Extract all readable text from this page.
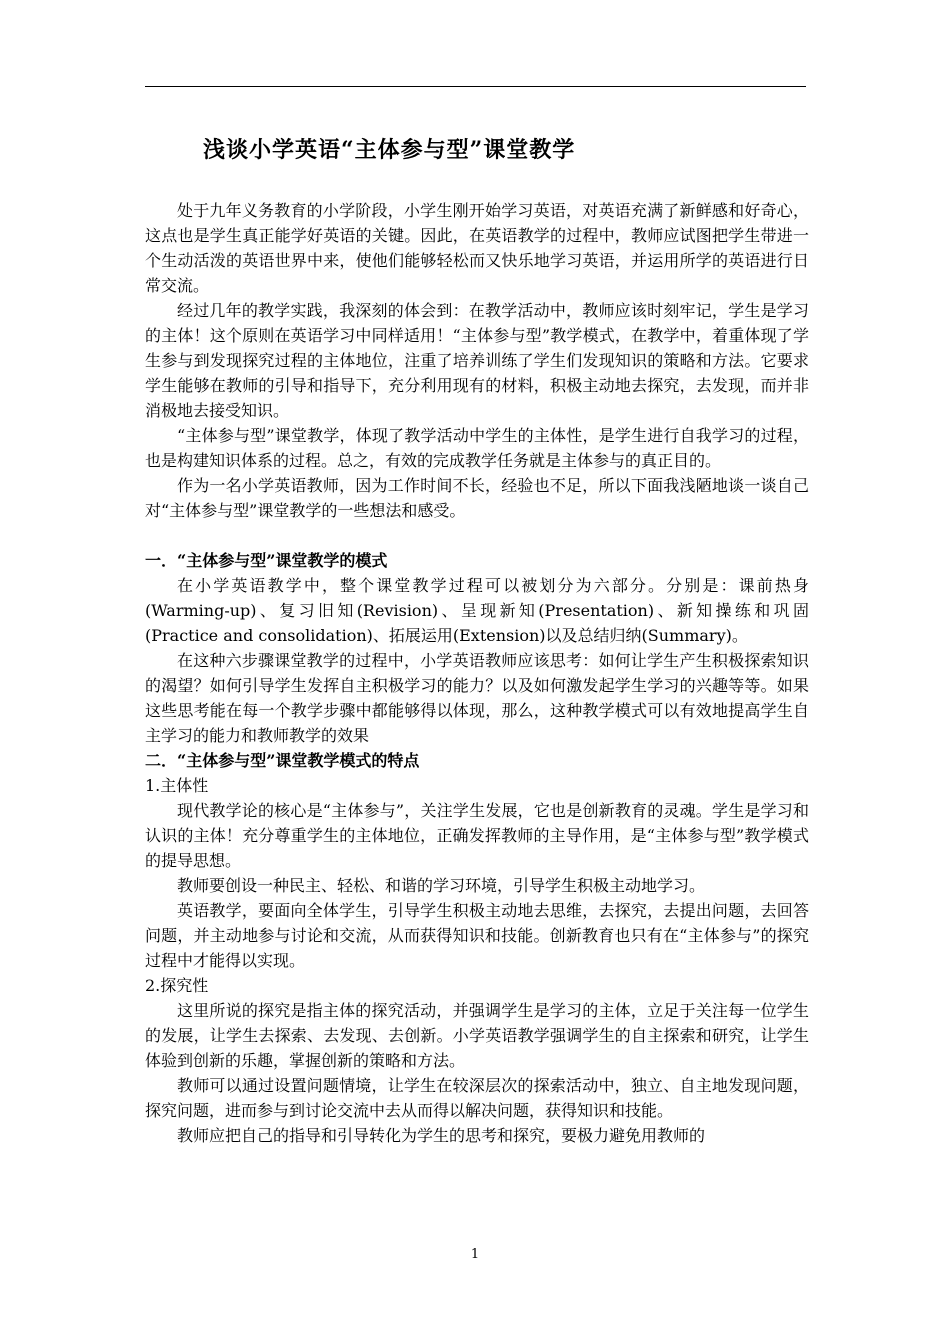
浅谈小学英语“主体参与型”课堂教学

处于九年义务教育的小学阶段，小学生刚开始学习英语，对英语充满了新鲜感和好奇心，这点也是学生真正能学好英语的关键。因此，在英语教学的过程中，教师应试图把学生带进一个生动活泼的英语世界中来，使他们能够轻松而又快乐地学习英语，并运用所学的英语进行日常交流。

经过几年的教学实践，我深刻的体会到：在教学活动中，教师应该时刻牢记，学生是学习的主体！这个原则在英语学习中同样适用！“主体参与型”教学模式，在教学中，着重体现了学生参与到发现探究过程的主体地位，注重了培养训练了学生们发现知识的策略和方法。它要求学生能够在教师的引导和指导下，充分利用现有的材料，积极主动地去探究，去发现，而并非消极地去接受知识。

“主体参与型”课堂教学，体现了教学活动中学生的主体性，是学生进行自我学习的过程，也是构建知识体系的过程。总之，有效的完成教学任务就是主体参与的真正目的。

作为一名小学英语教师，因为工作时间不长，经验也不足，所以下面我浅陋地谈一谈自己对“主体参与型”课堂教学的一些想法和感受。

一．“主体参与型”课堂教学的模式

在小学英语教学中，整个课堂教学过程可以被划分为六部分。分别是：课前热身(Warming-up)、复习旧知(Revision)、呈现新知(Presentation)、新知操练和巩固(Practice and consolidation)、拓展运用(Extension)以及总结归纳(Summary)。

在这种六步骤课堂教学的过程中，小学英语教师应该思考：如何让学生产生积极探索知识的渴望？如何引导学生发挥自主积极学习的能力？以及如何激发起学生学习的兴趣等等。如果这些思考能在每一个教学步骤中都能够得以体现，那么，这种教学模式可以有效地提高学生自主学习的能力和教师教学的效果

二．“主体参与型”课堂教学模式的特点

1.主体性

现代教学论的核心是“主体参与”，关注学生发展，它也是创新教育的灵魂。学生是学习和认识的主体！充分尊重学生的主体地位，正确发挥教师的主导作用，是“主体参与型”教学模式的提导思想。

教师要创设一种民主、轻松、和谐的学习环境，引导学生积极主动地学习。

英语教学，要面向全体学生，引导学生积极主动地去思维，去探究，去提出问题，去回答问题，并主动地参与讨论和交流，从而获得知识和技能。创新教育也只有在“主体参与”的探究过程中才能得以实现。

2.探究性

这里所说的探究是指主体的探究活动，并强调学生是学习的主体，立足于关注每一位学生的发展，让学生去探索、去发现、去创新。小学英语教学强调学生的自主探索和研究，让学生体验到创新的乐趣，掌握创新的策略和方法。

教师可以通过设置问题情境，让学生在较深层次的探索活动中，独立、自主地发现问题，探究问题，进而参与到讨论交流中去从而得以解决问题，获得知识和技能。

教师应把自己的指导和引导转化为学生的思考和探究，要极力避免用教师的

1
